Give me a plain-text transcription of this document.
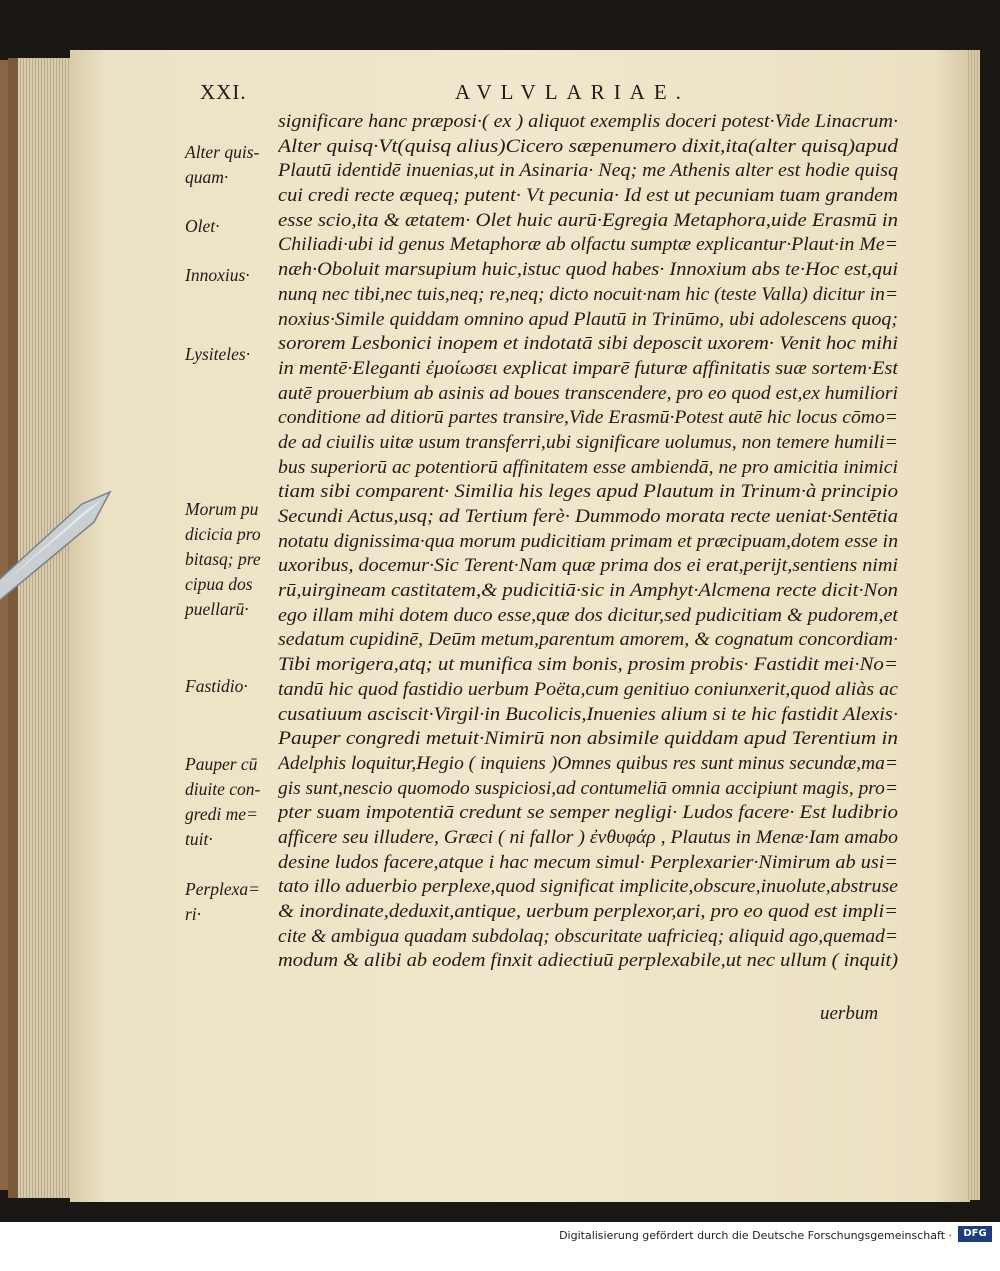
XXI.	AVLVLARIAE.
significare hanc præposi·( ex ) aliquot exemplis doceri potest·Vide Linacrum·
Alter quisq·Vt(quisq alius)Cicero sæpenumero dixit,ita(alter quisq)apud
Plautū identidē inuenias,ut in Asinaria· Neq; me Athenis alter est hodie quisq
cui credi recte æqueq; putent· Vt pecunia· Id est ut pecuniam tuam grandem
esse scio,ita & ætatem· Olet huic aurū·Egregia Metaphora,uide Erasmū in
Chiliadi·ubi id genus Metaphoræ ab olfactu sumptæ explicantur·Plaut·in Me=
næh·Oboluit marsupium huic,istuc quod habes· Innoxium abs te·Hoc est,qui
nunq nec tibi,nec tuis,neq; re,neq; dicto nocuit·nam hic (teste Valla) dicitur in=
noxius·Simile quiddam omnino apud Plautū in Trinūmo, ubi adolescens quoq;
sororem Lesbonici inopem et indotatā sibi deposcit uxorem· Venit hoc mihi
in mentē·Eleganti ἐμοίωσει explicat imparē futuræ affinitatis suæ sortem·Est
autē prouerbium ab asinis ad boues transcendere, pro eo quod est,ex humiliori
conditione ad ditiorū partes transire,Vide Erasmū·Potest autē hic locus cōmo=
de ad ciuilis uitæ usum transferri,ubi significare uolumus, non temere humili=
bus superiorū ac potentiorū affinitatem esse ambiendā, ne pro amicitia inimici
tiam sibi comparent· Similia his leges apud Plautum in Trinum·à principio
Secundi Actus,usq; ad Tertium ferè· Dummodo morata recte ueniat·Sentētia
notatu dignissima·qua morum pudicitiam primam et præcipuam,dotem esse in
uxoribus, docemur·Sic Terent·Nam quæ prima dos ei erat,perijt,sentiens nimi
rū,uirgineam castitatem,& pudicitiā·sic in Amphyt·Alcmena recte dicit·Non
ego illam mihi dotem duco esse,quæ dos dicitur,sed pudicitiam & pudorem,et
sedatum cupidinē, Deūm metum,parentum amorem, & cognatum concordiam·
Tibi morigera,atq; ut munifica sim bonis, prosim probis· Fastidit mei·No=
tandū hic quod fastidio uerbum Poëta,cum genitiuo coniunxerit,quod aliàs ac
cusatiuum asciscit·Virgil·in Bucolicis,Inuenies alium si te hic fastidit Alexis·
Pauper congredi metuit·Nimirū non absimile quiddam apud Terentium in
Adelphis loquitur,Hegio ( inquiens )Omnes quibus res sunt minus secundæ,ma=
gis sunt,nescio quomodo suspiciosi,ad contumeliā omnia accipiunt magis, pro=
pter suam impotentiā credunt se semper negligi· Ludos facere· Est ludibrio
afficere seu illudere, Græci ( ni fallor ) ἐνθυφάρ , Plautus in Menæ·Iam amabo
desine ludos facere,atque i hac mecum simul· Perplexarier·Nimirum ab usi=
tato illo aduerbio perplexe,quod significat implicite,obscure,inuolute,abstruse
& inordinate,deduxit,antique, uerbum perplexor,ari, pro eo quod est impli=
cite & ambigua quadam subdolaq; obscuritate uafricieq; aliquid ago,quemad=
modum & alibi ab eodem finxit adiectiuū perplexabile,ut nec ullum ( inquit)
Alter quis-
quam·
Olet·
Innoxius·
Lysiteles·
Morum pu
dicicia pro
bitasq; pre
cipua dos
puellarū·
Fastidio·
Pauper cū
diuite con-
gredi me=
tuit·
Perplexa=
ri·
uerbum
Digitalisierung gefördert durch die Deutsche Forschungsgemeinschaft ·	DFG
